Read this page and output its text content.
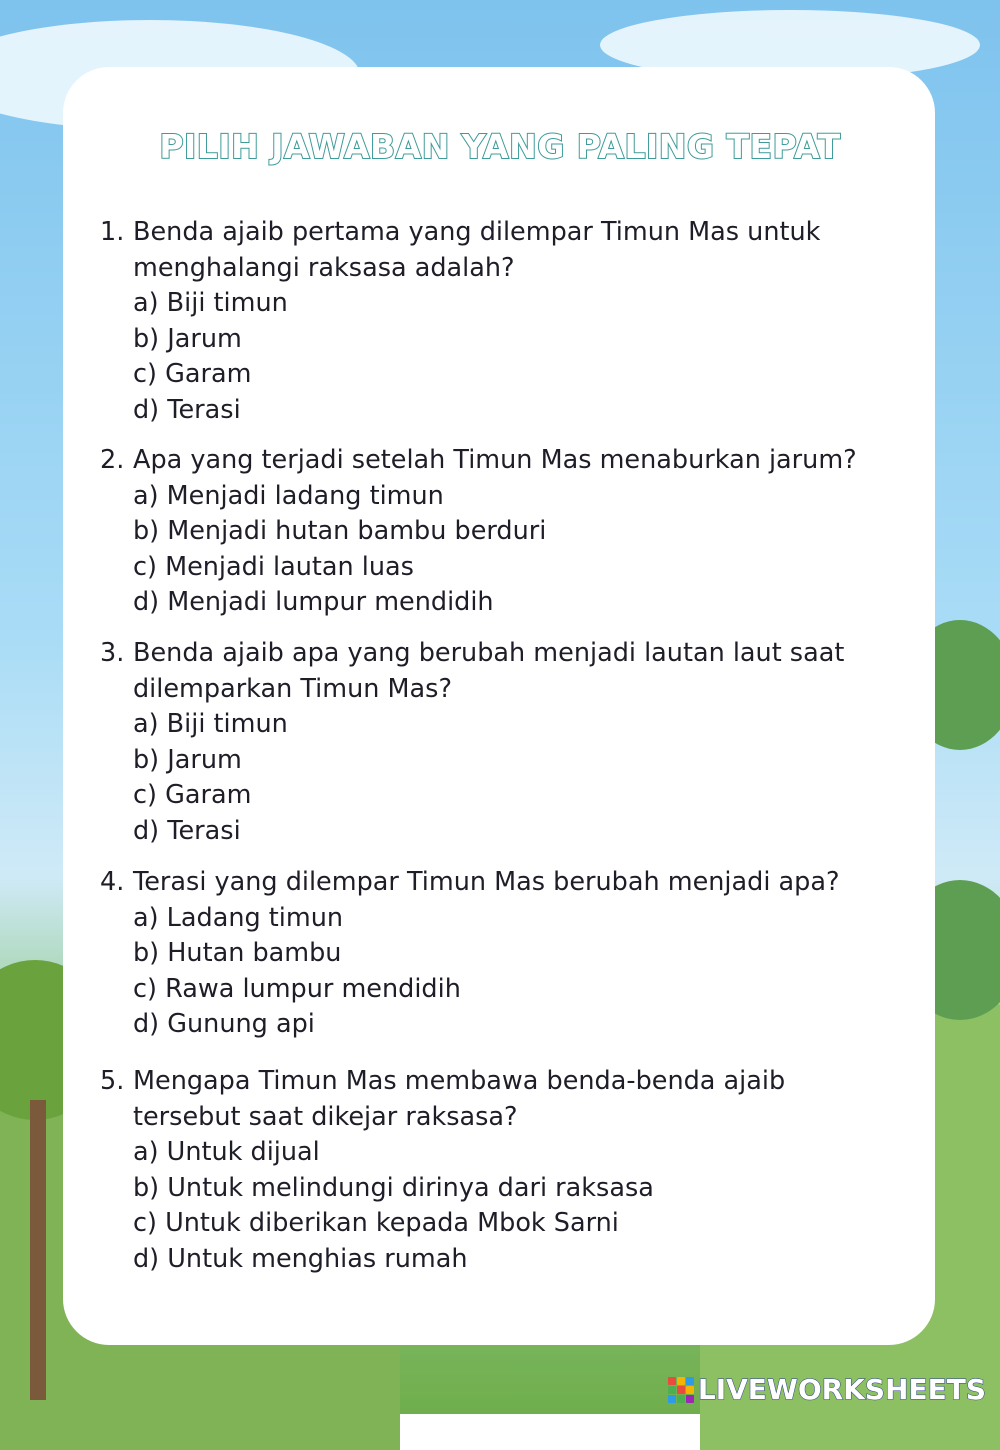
PILIH JAWABAN YANG PALING TEPAT
1. Benda ajaib pertama yang dilempar Timun Mas untuk
menghalangi raksasa adalah?
a) Biji timun
b) Jarum
c) Garam
d) Terasi
2. Apa yang terjadi setelah Timun Mas menaburkan jarum?
a) Menjadi ladang timun
b) Menjadi hutan bambu berduri
c) Menjadi lautan luas
d) Menjadi lumpur mendidih
3. Benda ajaib apa yang berubah menjadi lautan laut saat
dilemparkan Timun Mas?
a) Biji timun
b) Jarum
c) Garam
d) Terasi
4. Terasi yang dilempar Timun Mas berubah menjadi apa?
a) Ladang timun
b) Hutan bambu
c) Rawa lumpur mendidih
d) Gunung api
5. Mengapa Timun Mas membawa benda-benda ajaib
tersebut saat dikejar raksasa?
a) Untuk dijual
b) Untuk melindungi dirinya dari raksasa
c) Untuk diberikan kepada Mbok Sarni
d) Untuk menghias rumah
LIVEWORKSHEETS
